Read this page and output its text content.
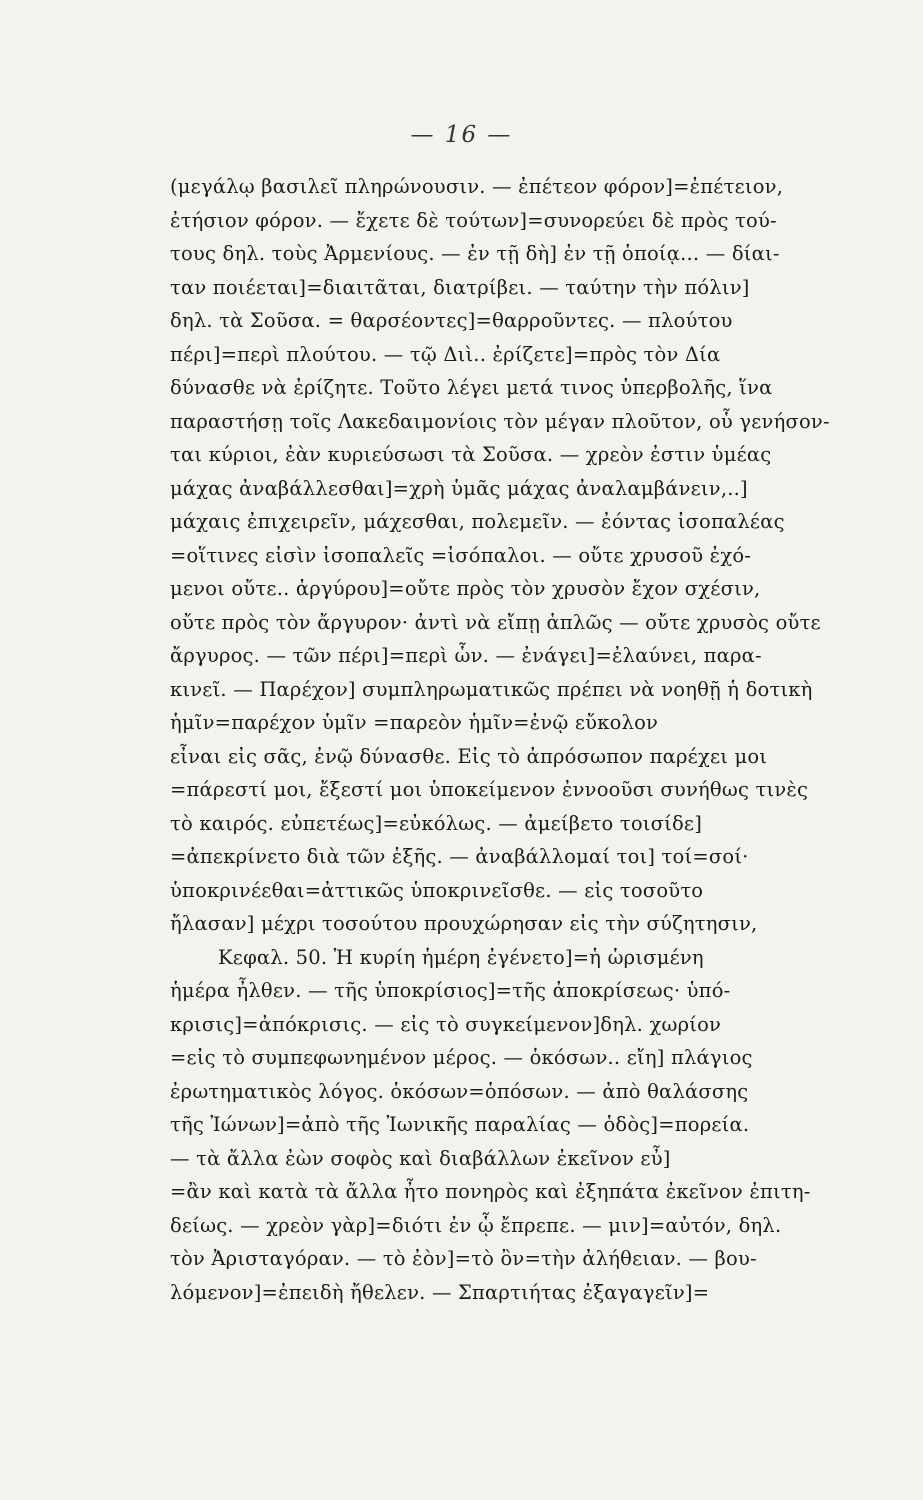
— 16 —
(μεγάλῳ βασιλεῖ πληρώνουσιν. — ἐπέτεον φόρον]=ἐπέτειον,
ἐτήσιον φόρον. — ἔχετε δὲ τούτων]=συνορεύει δὲ πρὸς τού-
τους δηλ. τοὺς Ἀρμενίους. — ἐν τῇ δὴ] ἐν τῇ ὁποίᾳ... — δίαι-
ταν ποιέεται]=διαιτᾶται, διατρίβει. — ταύτην τὴν πόλιν]
δηλ. τὰ Σοῦσα. = θαρσέοντες]=θαρροῦντες. — πλούτου
πέρι]=περὶ πλούτου. — τῷ Διὶ.. ἐρίζετε]=πρὸς τὸν Δία
δύνασθε νὰ ἐρίζητε. Τοῦτο λέγει μετά τινος ὑπερβολῆς, ἵνα
παραστήσῃ τοῖς Λακεδαιμονίοις τὸν μέγαν πλοῦτον, οὗ γενήσον-
ται κύριοι, ἐὰν κυριεύσωσι τὰ Σοῦσα. — χρεὸν ἐστιν ὑμέας
μάχας ἀναβάλλεσθαι]=χρὴ ὑμᾶς μάχας ἀναλαμβάνειν,..]
μάχαις ἐπιχειρεῖν, μάχεσθαι, πολεμεῖν. — ἐόντας ἰσοπαλέας
=οἵτινες εἰσὶν ἰσοπαλεῖς =ἰσόπαλοι. — οὔτε χρυσοῦ ἐχό-
μενοι οὔτε.. ἀργύρου]=οὔτε πρὸς τὸν χρυσὸν ἔχον σχέσιν,
οὔτε πρὸς τὸν ἄργυρον· ἀντὶ νὰ εἴπῃ ἁπλῶς — οὔτε χρυσὸς οὔτε
ἄργυρος. — τῶν πέρι]=περὶ ὧν. — ἐνάγει]=ἐλαύνει, παρα-
κινεῖ. — Παρέχον] συμπληρωματικῶς πρέπει νὰ νοηθῇ ἡ δοτικὴ
ἡμῖν=παρέχον ὑμῖν =παρεὸν ἡμῖν=ἐνῷ εὔκολον
εἶναι εἰς σᾶς, ἐνῷ δύνασθε. Εἰς τὸ ἀπρόσωπον παρέχει μοι
=πάρεστί μοι, ἔξεστί μοι ὑποκείμενον ἐννοοῦσι συνήθως τινὲς
τὸ καιρός. εὐπετέως]=εὐκόλως. — ἀμείβετο τοισίδε]
=ἀπεκρίνετο διὰ τῶν ἑξῆς. — ἀναβάλλομαί τοι] τοί=σοί·
ὑποκρινέεθαι=ἀττικῶς ὑποκρινεῖσθε. — εἰς τοσοῦτο
ἤλασαν] μέχρι τοσούτου προυχώρησαν εἰς τὴν σύζητησιν,
Κεφαλ. 50. Ἡ κυρίη ἡμέρη ἐγένετο]=ἡ ὡρισμένη
ἡμέρα ἦλθεν. — τῆς ὑποκρίσιος]=τῆς ἀποκρίσεως· ὑπό-
κρισις]=ἀπόκρισις. — εἰς τὸ συγκείμενον]δηλ. χωρίον
=εἰς τὸ συμπεφωνημένον μέρος. — ὁκόσων.. εἴη] πλάγιος
ἐρωτηματικὸς λόγος. ὁκόσων=ὁπόσων. — ἀπὸ θαλάσσης
τῆς Ἰώνων]=ἀπὸ τῆς Ἰωνικῆς παραλίας — ὁδὸς]=πορεία.
— τὰ ἄλλα ἐὼν σοφὸς καὶ διαβάλλων ἐκεῖνον εὖ]
=ἂν καὶ κατὰ τὰ ἄλλα ἦτο πονηρὸς καὶ ἐξηπάτα ἐκεῖνον ἐπιτη-
δείως. — χρεὸν γὰρ]=διότι ἐν ᾧ ἔπρεπε. — μιν]=αὐτόν, δηλ.
τὸν Ἀρισταγόραν. — τὸ ἐὸν]=τὸ ὂν=τὴν ἀλήθειαν. — βου-
λόμενον]=ἐπειδὴ ἤθελεν. — Σπαρτιήτας ἐξαγαγεῖν]=
